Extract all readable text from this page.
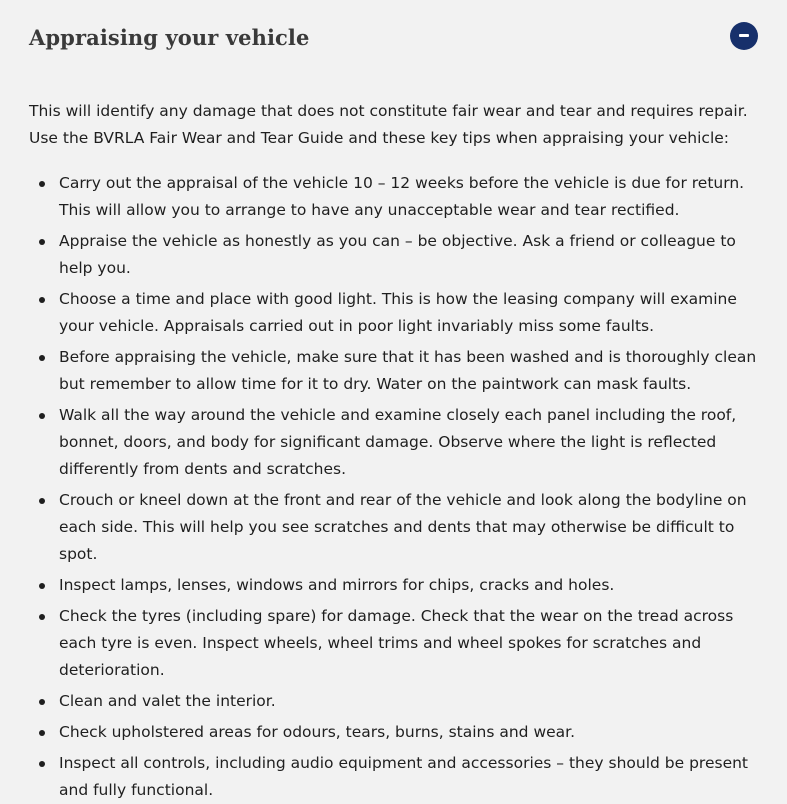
Appraising your vehicle

This will identify any damage that does not constitute fair wear and tear and requires repair. Use the BVRLA Fair Wear and Tear Guide and these key tips when appraising your vehicle:

Carry out the appraisal of the vehicle 10 – 12 weeks before the vehicle is due for return. This will allow you to arrange to have any unacceptable wear and tear rectified.
Appraise the vehicle as honestly as you can – be objective. Ask a friend or colleague to help you.
Choose a time and place with good light. This is how the leasing company will examine your vehicle. Appraisals carried out in poor light invariably miss some faults.
Before appraising the vehicle, make sure that it has been washed and is thoroughly clean but remember to allow time for it to dry. Water on the paintwork can mask faults.
Walk all the way around the vehicle and examine closely each panel including the roof, bonnet, doors, and body for significant damage. Observe where the light is reflected differently from dents and scratches.
Crouch or kneel down at the front and rear of the vehicle and look along the bodyline on each side. This will help you see scratches and dents that may otherwise be difficult to spot.
Inspect lamps, lenses, windows and mirrors for chips, cracks and holes.
Check the tyres (including spare) for damage. Check that the wear on the tread across each tyre is even. Inspect wheels, wheel trims and wheel spokes for scratches and deterioration.
Clean and valet the interior.
Check upholstered areas for odours, tears, burns, stains and wear.
Inspect all controls, including audio equipment and accessories – they should be present and fully functional.
